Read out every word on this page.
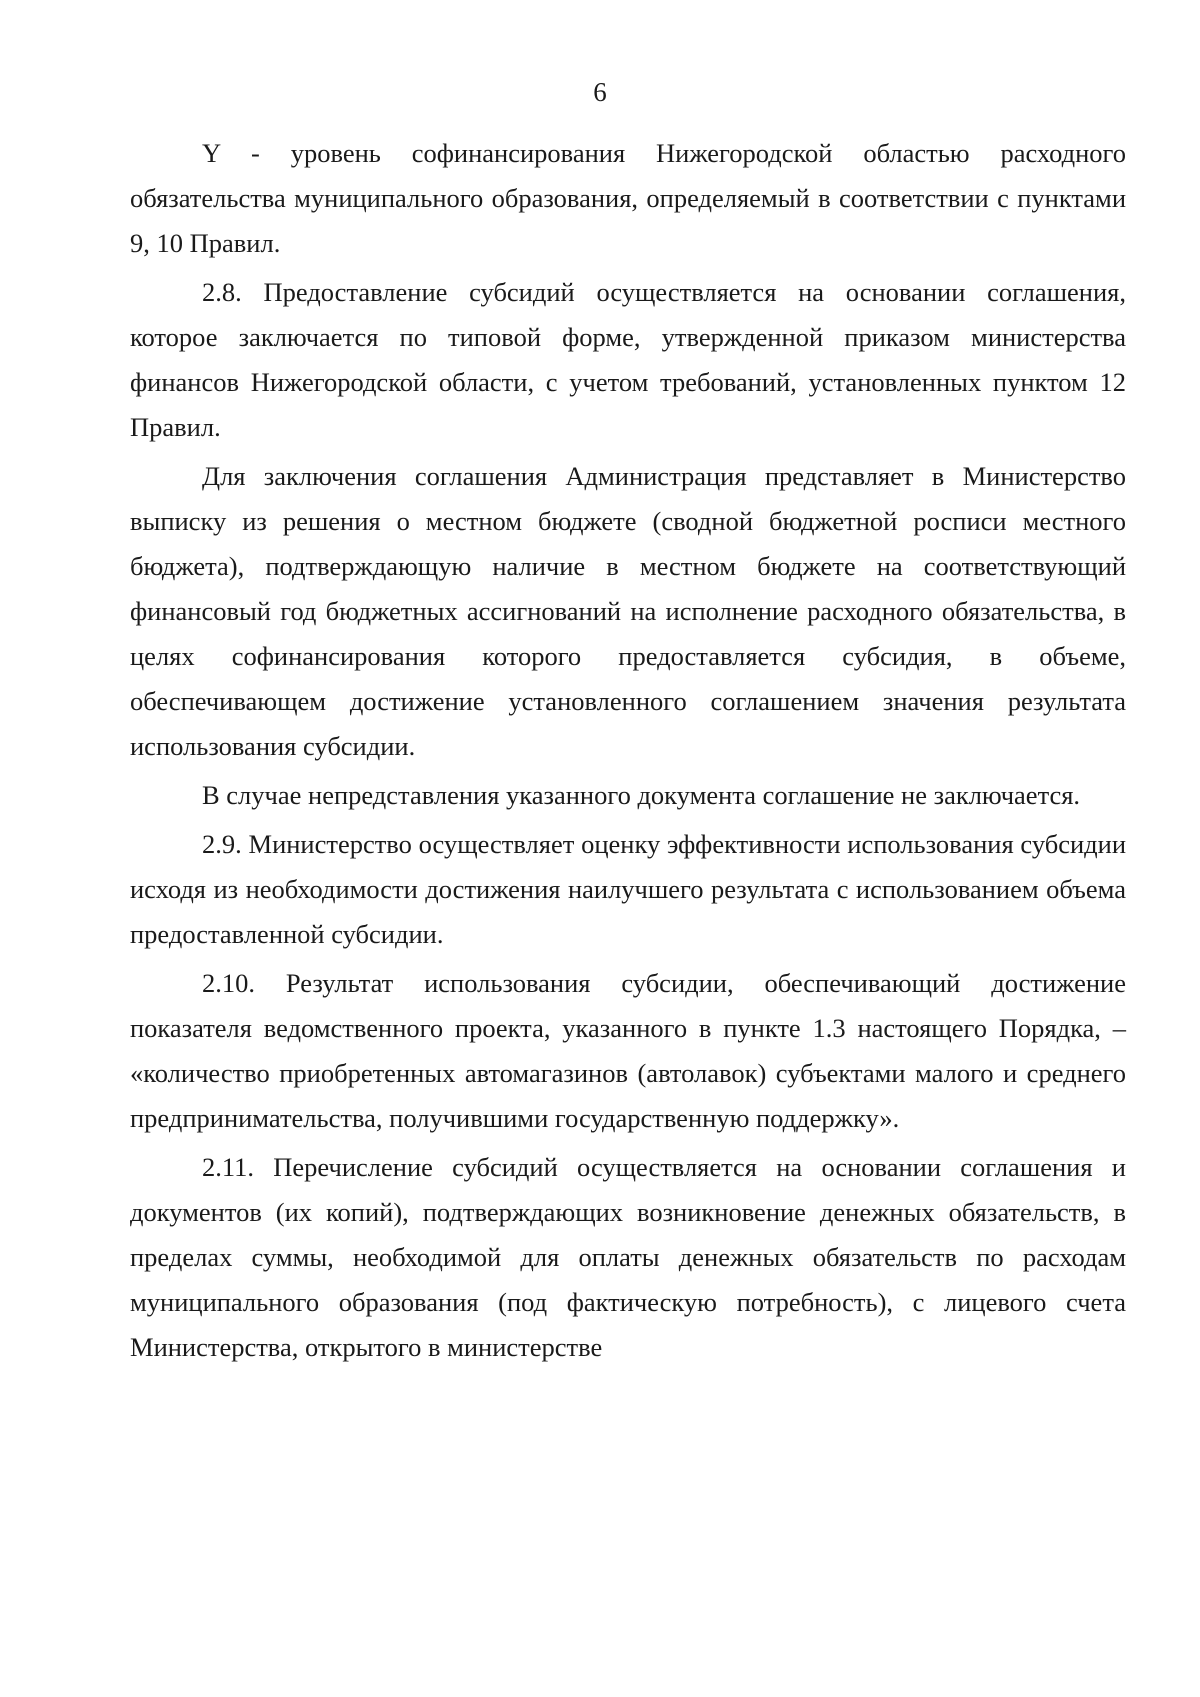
6

Y - уровень софинансирования Нижегородской областью расходного обязательства муниципального образования, определяемый в соответствии с пунктами 9, 10 Правил.

2.8. Предоставление субсидий осуществляется на основании соглашения, которое заключается по типовой форме, утвержденной приказом министерства финансов Нижегородской области, с учетом требований, установленных пунктом 12 Правил.

Для заключения соглашения Администрация представляет в Министерство выписку из решения о местном бюджете (сводной бюджетной росписи местного бюджета), подтверждающую наличие в местном бюджете на соответствующий финансовый год бюджетных ассигнований на исполнение расходного обязательства, в целях софинансирования которого предоставляется субсидия, в объеме, обеспечивающем достижение установленного соглашением значения результата использования субсидии.

В случае непредставления указанного документа соглашение не заключается.

2.9. Министерство осуществляет оценку эффективности использования субсидии исходя из необходимости достижения наилучшего результата с использованием объема предоставленной субсидии.

2.10. Результат использования субсидии, обеспечивающий достижение показателя ведомственного проекта, указанного в пункте 1.3 настоящего Порядка, – «количество приобретенных автомагазинов (автолавок) субъектами малого и среднего предпринимательства, получившими государственную поддержку».

2.11. Перечисление субсидий осуществляется на основании соглашения и документов (их копий), подтверждающих возникновение денежных обязательств, в пределах суммы, необходимой для оплаты денежных обязательств по расходам муниципального образования (под фактическую потребность), с лицевого счета Министерства, открытого в министерстве
